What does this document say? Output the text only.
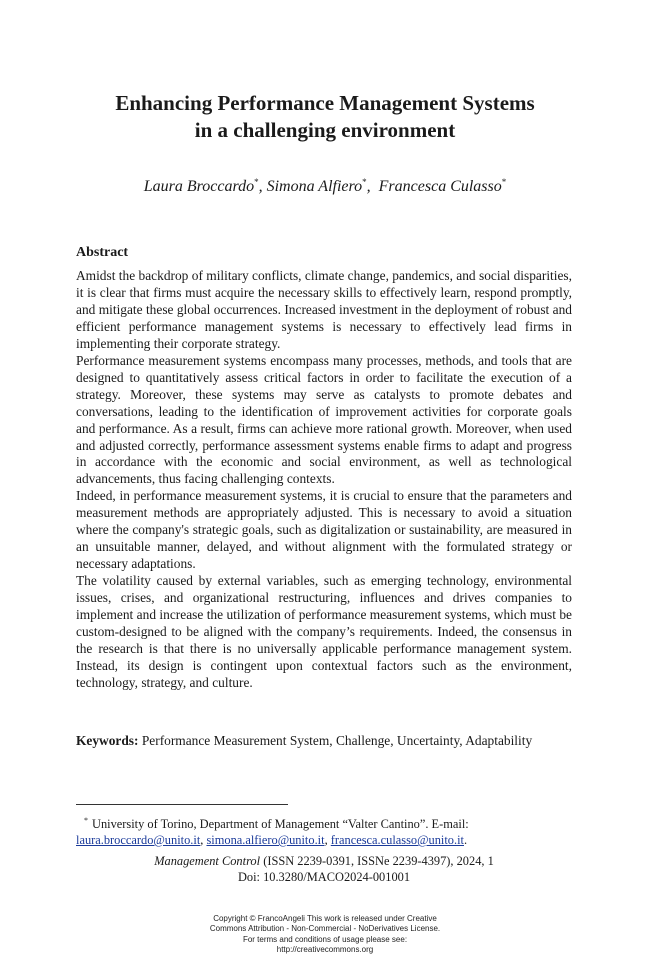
Enhancing Performance Management Systems
in a challenging environment
Laura Broccardo*, Simona Alfiero*,  Francesca Culasso*
Abstract

Amidst the backdrop of military conflicts, climate change, pandemics, and social disparities, it is clear that firms must acquire the necessary skills to effectively learn, respond promptly, and mitigate these global occurrences. Increased investment in the deployment of robust and efficient performance management systems is necessary to effectively lead firms in implementing their corporate strategy.

Performance measurement systems encompass many processes, methods, and tools that are designed to quantitatively assess critical factors in order to facilitate the execution of a strategy. Moreover, these systems may serve as catalysts to promote debates and conversations, leading to the identification of improvement activities for corporate goals and performance. As a result, firms can achieve more rational growth. Moreover, when used and adjusted correctly, performance assessment systems enable firms to adapt and progress in accordance with the economic and social environment, as well as technological advancements, thus facing challenging contexts.

Indeed, in performance measurement systems, it is crucial to ensure that the parameters and measurement methods are appropriately adjusted. This is necessary to avoid a situation where the company's strategic goals, such as digitalization or sustainability, are measured in an unsuitable manner, delayed, and without alignment with the formulated strategy or necessary adaptations.

The volatility caused by external variables, such as emerging technology, environmental issues, crises, and organizational restructuring, influences and drives companies to implement and increase the utilization of performance measurement systems, which must be custom-designed to be aligned with the company’s requirements. Indeed, the consensus in the research is that there is no universally applicable performance management system. Instead, its design is contingent upon contextual factors such as the environment, technology, strategy, and culture.

Keywords: Performance Measurement System, Challenge, Uncertainty, Adaptability

* University of Torino, Department of Management “Valter Cantino”. E-mail:
laura.broccardo@unito.it, simona.alfiero@unito.it, francesca.culasso@unito.it.

Management Control (ISSN 2239-0391, ISSNe 2239-4397), 2024, 1
Doi: 10.3280/MACO2024-001001
Copyright © FrancoAngeli This work is released under Creative
Commons Attribution - Non-Commercial - NoDerivatives License.
For terms and conditions of usage please see:
http://creativecommons.org
